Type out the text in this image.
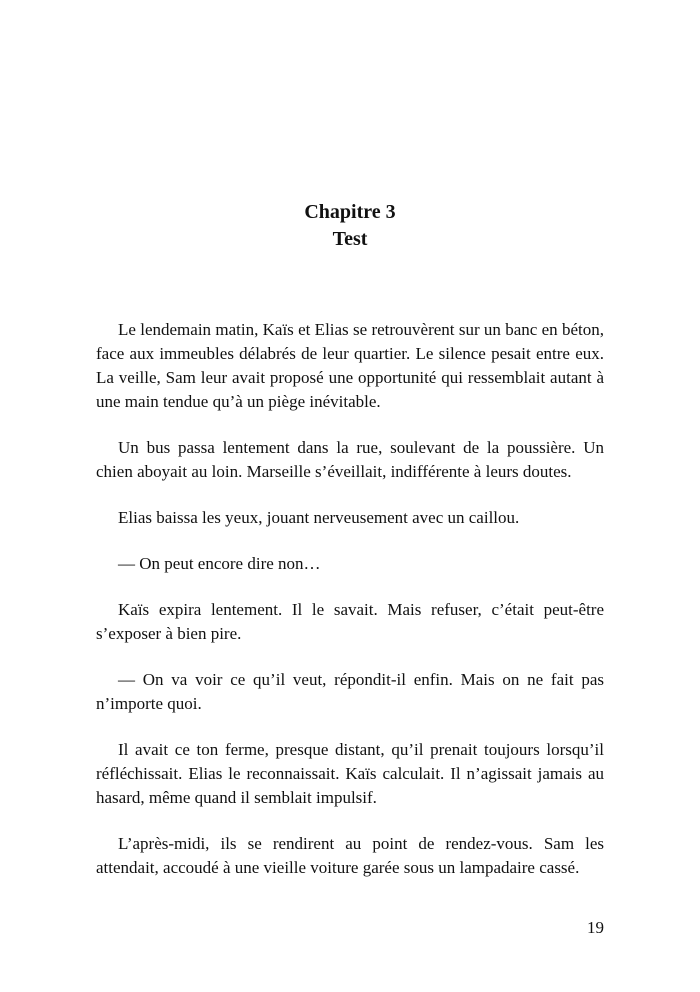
Chapitre 3
Test

Le lendemain matin, Kaïs et Elias se retrouvèrent sur un banc en béton, face aux immeubles délabrés de leur quartier. Le silence pesait entre eux. La veille, Sam leur avait proposé une opportunité qui ressemblait autant à une main tendue qu’à un piège inévitable.

Un bus passa lentement dans la rue, soulevant de la poussière. Un chien aboyait au loin. Marseille s’éveillait, indifférente à leurs doutes.

Elias baissa les yeux, jouant nerveusement avec un caillou.

— On peut encore dire non…

Kaïs expira lentement. Il le savait. Mais refuser, c’était peut-être s’exposer à bien pire.

— On va voir ce qu’il veut, répondit-il enfin. Mais on ne fait pas n’importe quoi.

Il avait ce ton ferme, presque distant, qu’il prenait toujours lorsqu’il réfléchissait. Elias le reconnaissait. Kaïs calculait. Il n’agissait jamais au hasard, même quand il semblait impulsif.

L’après-midi, ils se rendirent au point de rendez-vous. Sam les attendait, accoudé à une vieille voiture garée sous un lampadaire cassé.

19
